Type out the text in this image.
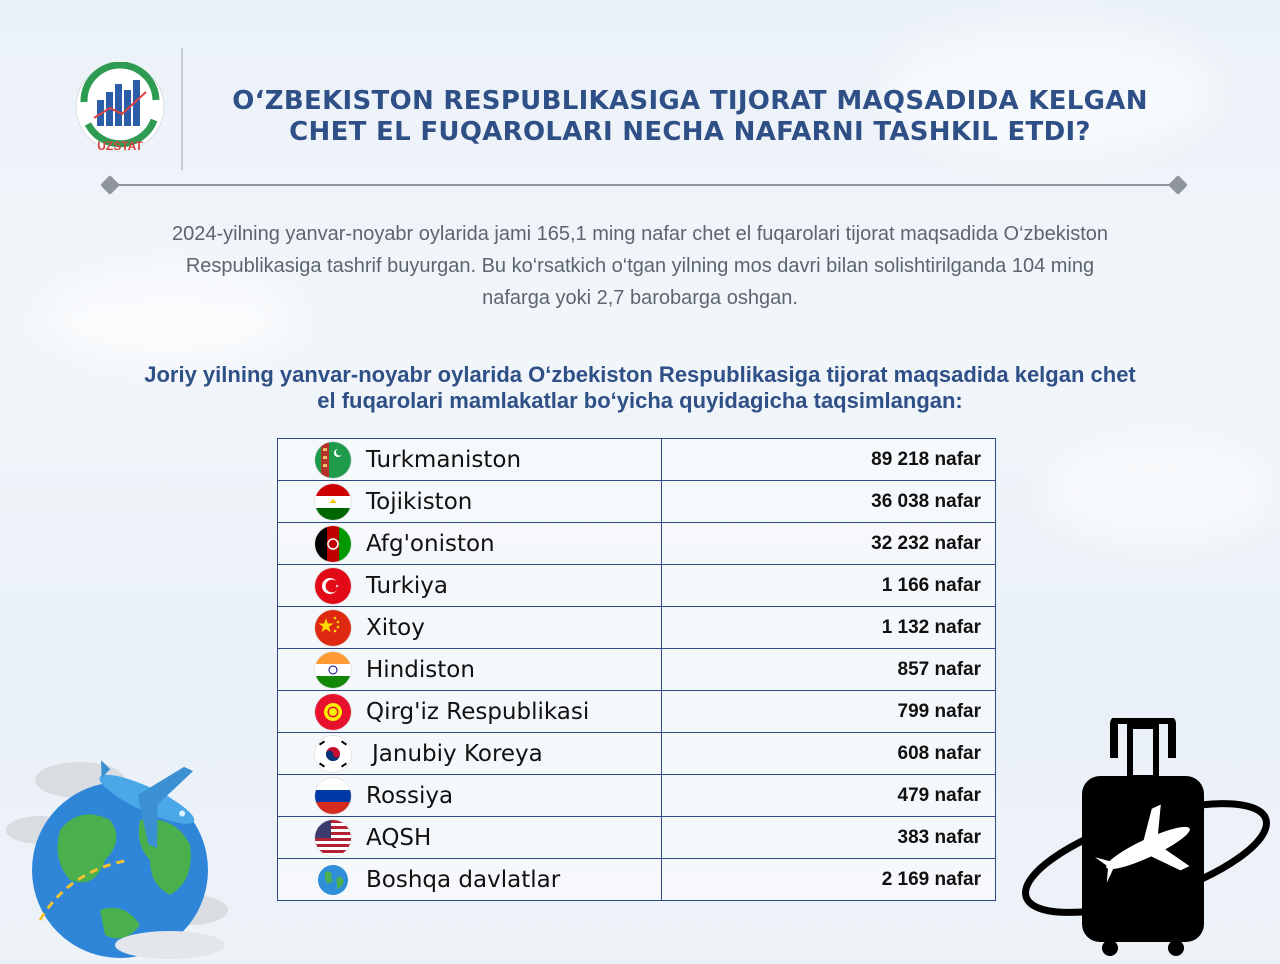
UZSTAT
O‘ZBEKISTON RESPUBLIKASIGA TIJORAT MAQSADIDA KELGAN
CHET EL FUQAROLARI NECHA NAFARNI TASHKIL ETDI?
2024-yilning yanvar-noyabr oylarida jami 165,1 ming nafar chet el fuqarolari tijorat maqsadida O‘zbekiston
Respublikasiga tashrif buyurgan. Bu ko‘rsatkich o‘tgan yilning mos davri bilan solishtirilganda 104 ming
nafarga yoki 2,7 barobarga oshgan.
Joriy yilning yanvar-noyabr oylarida O‘zbekiston Respublikasiga tijorat maqsadida kelgan chet
el fuqarolari mamlakatlar bo‘yicha quyidagicha taqsimlangan:
Turkmaniston	89 218 nafar

Tojikiston	36 038 nafar

Afg'oniston	32 232 nafar

Turkiya	1 166 nafar

Xitoy	1 132 nafar

Hindiston	857 nafar

Qirg'iz Respublikasi	799 nafar

Janubiy Koreya	608 nafar

Rossiya	479 nafar

AQSH	383 nafar

Boshqa davlatlar	2 169 nafar
